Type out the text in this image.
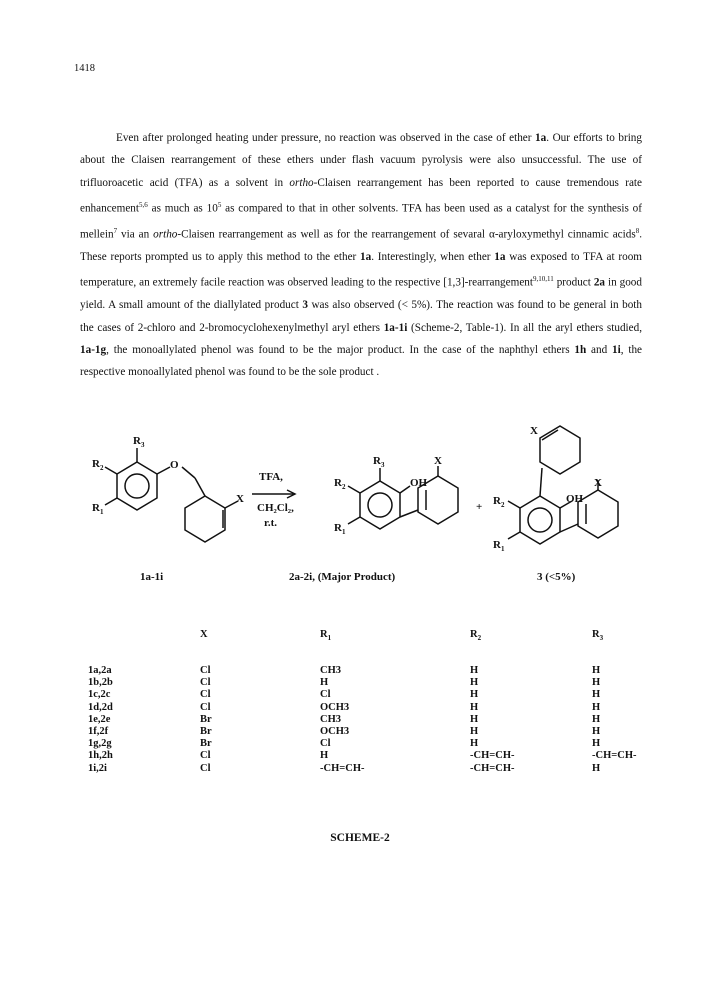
1418

Even after prolonged heating under pressure, no reaction was observed in the case of ether 1a. Our efforts to bring about the Claisen rearrangement of these ethers under flash vacuum pyrolysis were also unsuccessful. The use of trifluoroacetic acid (TFA) as a solvent in ortho-Claisen rearrangement has been reported to cause tremendous rate enhancement$^{5,6}$ as much as $10^5$ as compared to that in other solvents. TFA has been used as a catalyst for the synthesis of mellein$^7$ via an ortho-Claisen rearrangement as well as for the rearrangement of sevaral α-aryloxymethyl cinnamic acids$^8$. These reports prompted us to apply this method to the ether 1a. Interestingly, when ether 1a was exposed to TFA at room temperature, an extremely facile reaction was observed leading to the respective [1,3]-rearrangement$^{9,10,11}$ product 2a in good yield. A small amount of the diallylated product 3 was also observed (< 5%). The reaction was found to be general in both the cases of 2-chloro and 2-bromocyclohexenylmethyl aryl ethers 1a-1i (Scheme-2, Table-1). In all the aryl ethers studied, 1a-1g, the monoallylated phenol was found to be the major product. In the case of the naphthyl ethers 1h and 1i, the respective monoallylated phenol was found to be the sole product .

R 3
R 2
R 1
O
X
TFA,
CH₂Cl₂,
r.t.
R 3
R 2
R 1
OH
X
+ R 2
R 1
OH
X
X
1a-1i	2a-2i, (Major Product)	3 (<5%)
	X	$R_1$	$R_2$	$R_3$
1a,2a	Cl	CH3	H	H
1b,2b	Cl	H	H	H
1c,2c	Cl	Cl	H	H
1d,2d	Cl	OCH3	H	H
1e,2e	Br	CH3	H	H
1f,2f	Br	OCH3	H	H
1g,2g	Br	Cl	H	H
1h,2h	Cl	H	-CH=CH-	-CH=CH-
1i,2i	Cl	-CH=CH-	-CH=CH-	H
SCHEME-2
